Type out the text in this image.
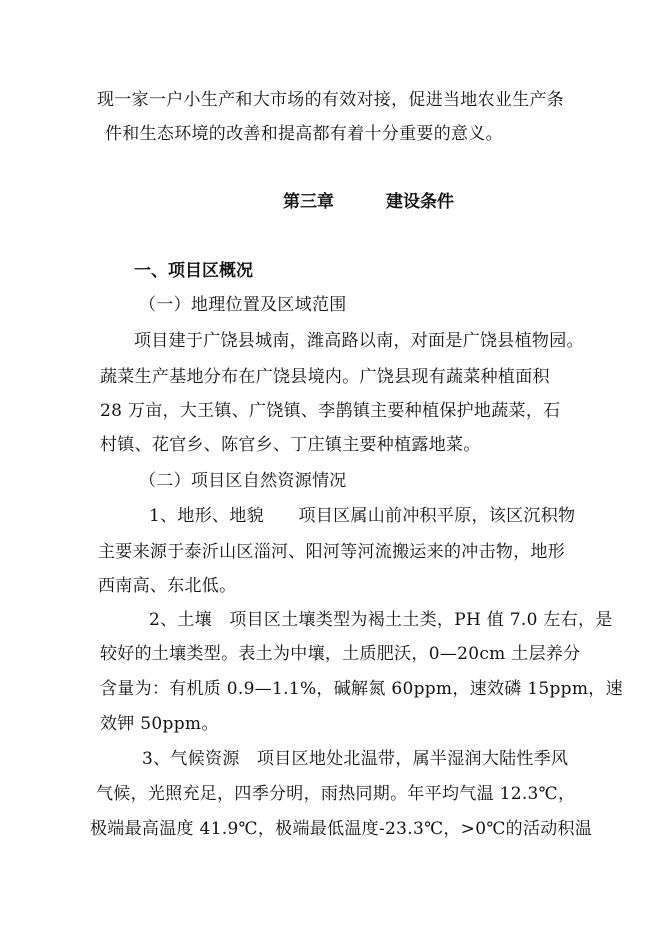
现一家一户小生产和大市场的有效对接，促进当地农业生产条
件和生态环境的改善和提高都有着十分重要的意义。
第三章	建设条件
一、项目区概况
（一）地理位置及区域范围
项目建于广饶县城南，潍高路以南，对面是广饶县植物园。
蔬菜生产基地分布在广饶县境内。广饶县现有蔬菜种植面积
28 万亩，大王镇、广饶镇、李鹊镇主要种植保护地蔬菜，石
村镇、花官乡、陈官乡、丁庄镇主要种植露地菜。
（二）项目区自然资源情况
1、地形、地貌　　项目区属山前冲积平原，该区沉积物
主要来源于泰沂山区淄河、阳河等河流搬运来的冲击物，地形
西南高、东北低。
2、土壤　项目区土壤类型为褐土土类，PH 值 7.0 左右，是
较好的土壤类型。表土为中壤，土质肥沃，0—20cm 土层养分
含量为：有机质 0.9—1.1%，碱解氮 60ppm，速效磷 15ppm，速
效钾 50ppm。
3、气候资源　项目区地处北温带，属半湿润大陆性季风
气候，光照充足，四季分明，雨热同期。年平均气温 12.3℃，
极端最高温度 41.9℃，极端最低温度-23.3℃，>0℃的活动积温
